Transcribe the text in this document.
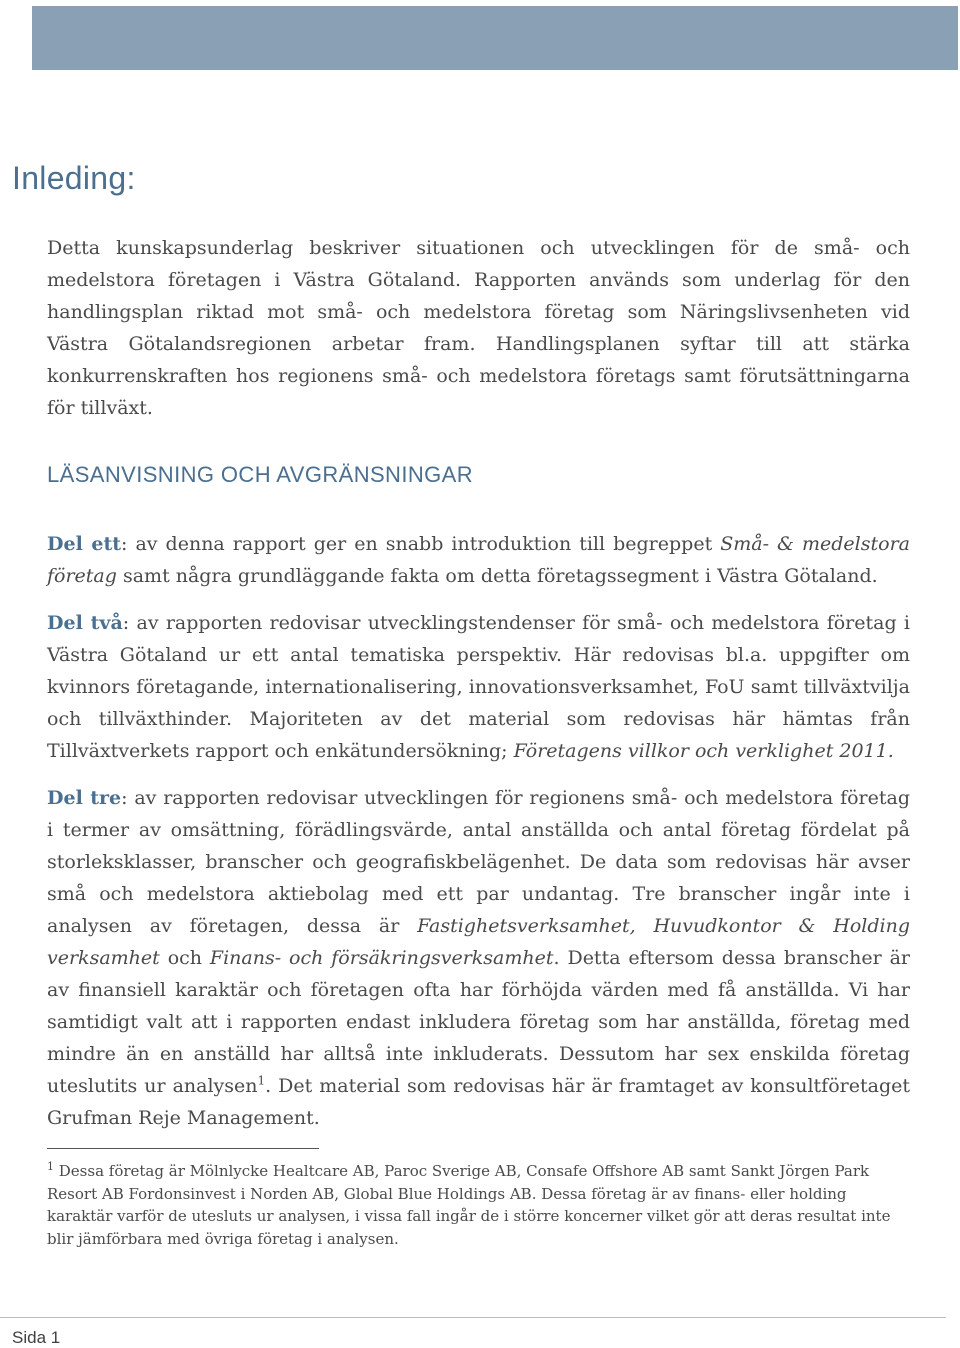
Inleding:

Detta kunskapsunderlag beskriver situationen och utvecklingen för de små- och medelstora företagen i Västra Götaland. Rapporten används som underlag för den handlingsplan riktad mot små- och medelstora företag som Näringslivsenheten vid Västra Götalandsregionen arbetar fram. Handlingsplanen syftar till att stärka konkurrenskraften hos regionens små- och medelstora företags samt förutsättningarna för tillväxt.

LÄSANVISNING OCH AVGRÄNSNINGAR

Del ett: av denna rapport ger en snabb introduktion till begreppet Små- & medelstora företag samt några grundläggande fakta om detta företagssegment i Västra Götaland.

Del två: av rapporten redovisar utvecklingstendenser för små- och medelstora företag i Västra Götaland ur ett antal tematiska perspektiv. Här redovisas bl.a. uppgifter om kvinnors företagande, internationalisering, innovationsverksamhet, FoU samt tillväxtvilja och tillväxthinder. Majoriteten av det material som redovisas här hämtas från Tillväxtverkets rapport och enkätundersökning; Företagens villkor och verklighet 2011.

Del tre: av rapporten redovisar utvecklingen för regionens små- och medelstora företag i termer av omsättning, förädlingsvärde, antal anställda och antal företag fördelat på storleksklasser, branscher och geografiskbelägenhet. De data som redovisas här avser små och medelstora aktiebolag med ett par undantag. Tre branscher ingår inte i analysen av företagen, dessa är Fastighetsverksamhet, Huvudkontor & Holding verksamhet och Finans- och försäkringsverksamhet. Detta eftersom dessa branscher är av finansiell karaktär och företagen ofta har förhöjda värden med få anställda. Vi har samtidigt valt att i rapporten endast inkludera företag som har anställda, företag med mindre än en anställd har alltså inte inkluderats. Dessutom har sex enskilda företag uteslutits ur analysen$^1$. Det material som redovisas här är framtaget av konsultföretaget Grufman Reje Management.

$^1$ Dessa företag är Mölnlycke Healtcare AB, Paroc Sverige AB, Consafe Offshore AB samt Sankt Jörgen Park Resort AB Fordonsinvest i Norden AB, Global Blue Holdings AB. Dessa företag är av finans- eller holding karaktär varför de utesluts ur analysen, i vissa fall ingår de i större koncerner vilket gör att deras resultat inte blir jämförbara med övriga företag i analysen.

Sida 1
